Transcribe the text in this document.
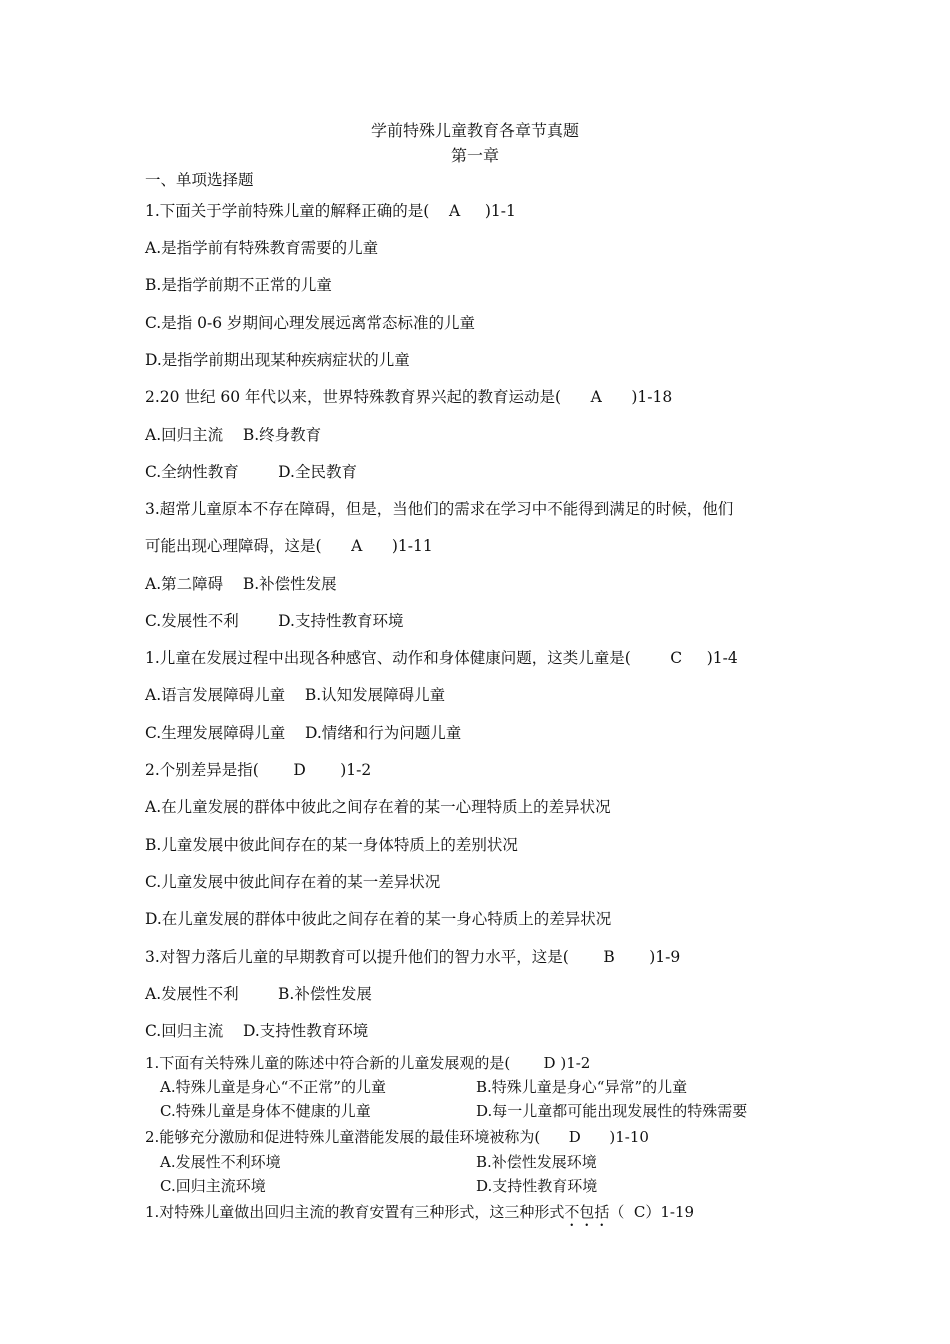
学前特殊儿童教育各章节真题
第一章
一、单项选择题
1.下面关于学前特殊儿童的解释正确的是(    A     )1-1
A.是指学前有特殊教育需要的儿童
B.是指学前期不正常的儿童
C.是指 0-6 岁期间心理发展远离常态标准的儿童
D.是指学前期出现某种疾病症状的儿童
2.20 世纪 60 年代以来，世界特殊教育界兴起的教育运动是(      A      )1-18
A.回归主流    B.终身教育
C.全纳性教育        D.全民教育
3.超常儿童原本不存在障碍，但是，当他们的需求在学习中不能得到满足的时候，他们
可能出现心理障碍，这是(      A      )1-11
A.第二障碍    B.补偿性发展
C.发展性不利        D.支持性教育环境
1.儿童在发展过程中出现各种感官、动作和身体健康问题，这类儿童是(        C     )1-4
A.语言发展障碍儿童    B.认知发展障碍儿童
C.生理发展障碍儿童    D.情绪和行为问题儿童
2.个别差异是指(       D       )1-2
A.在儿童发展的群体中彼此之间存在着的某一心理特质上的差异状况
B.儿童发展中彼此间存在的某一身体特质上的差别状况
C.儿童发展中彼此间存在着的某一差异状况
D.在儿童发展的群体中彼此之间存在着的某一身心特质上的差异状况
3.对智力落后儿童的早期教育可以提升他们的智力水平，这是(       B       )1-9
A.发展性不利        B.补偿性发展
C.回归主流    D.支持性教育环境
1.下面有关特殊儿童的陈述中符合新的儿童发展观的是(       D )1-2
A.特殊儿童是身心“不正常”的儿童	B.特殊儿童是身心“异常”的儿童
C.特殊儿童是身体不健康的儿童	D.每一儿童都可能出现发展性的特殊需要
2.能够充分激励和促进特殊儿童潜能发展的最佳环境被称为(      D      )1-10
A.发展性不利环境	B.补偿性发展环境
C.回归主流环境	D.支持性教育环境
1.对特殊儿童做出回归主流的教育安置有三种形式，这三种形式不包括（  C）1-19
